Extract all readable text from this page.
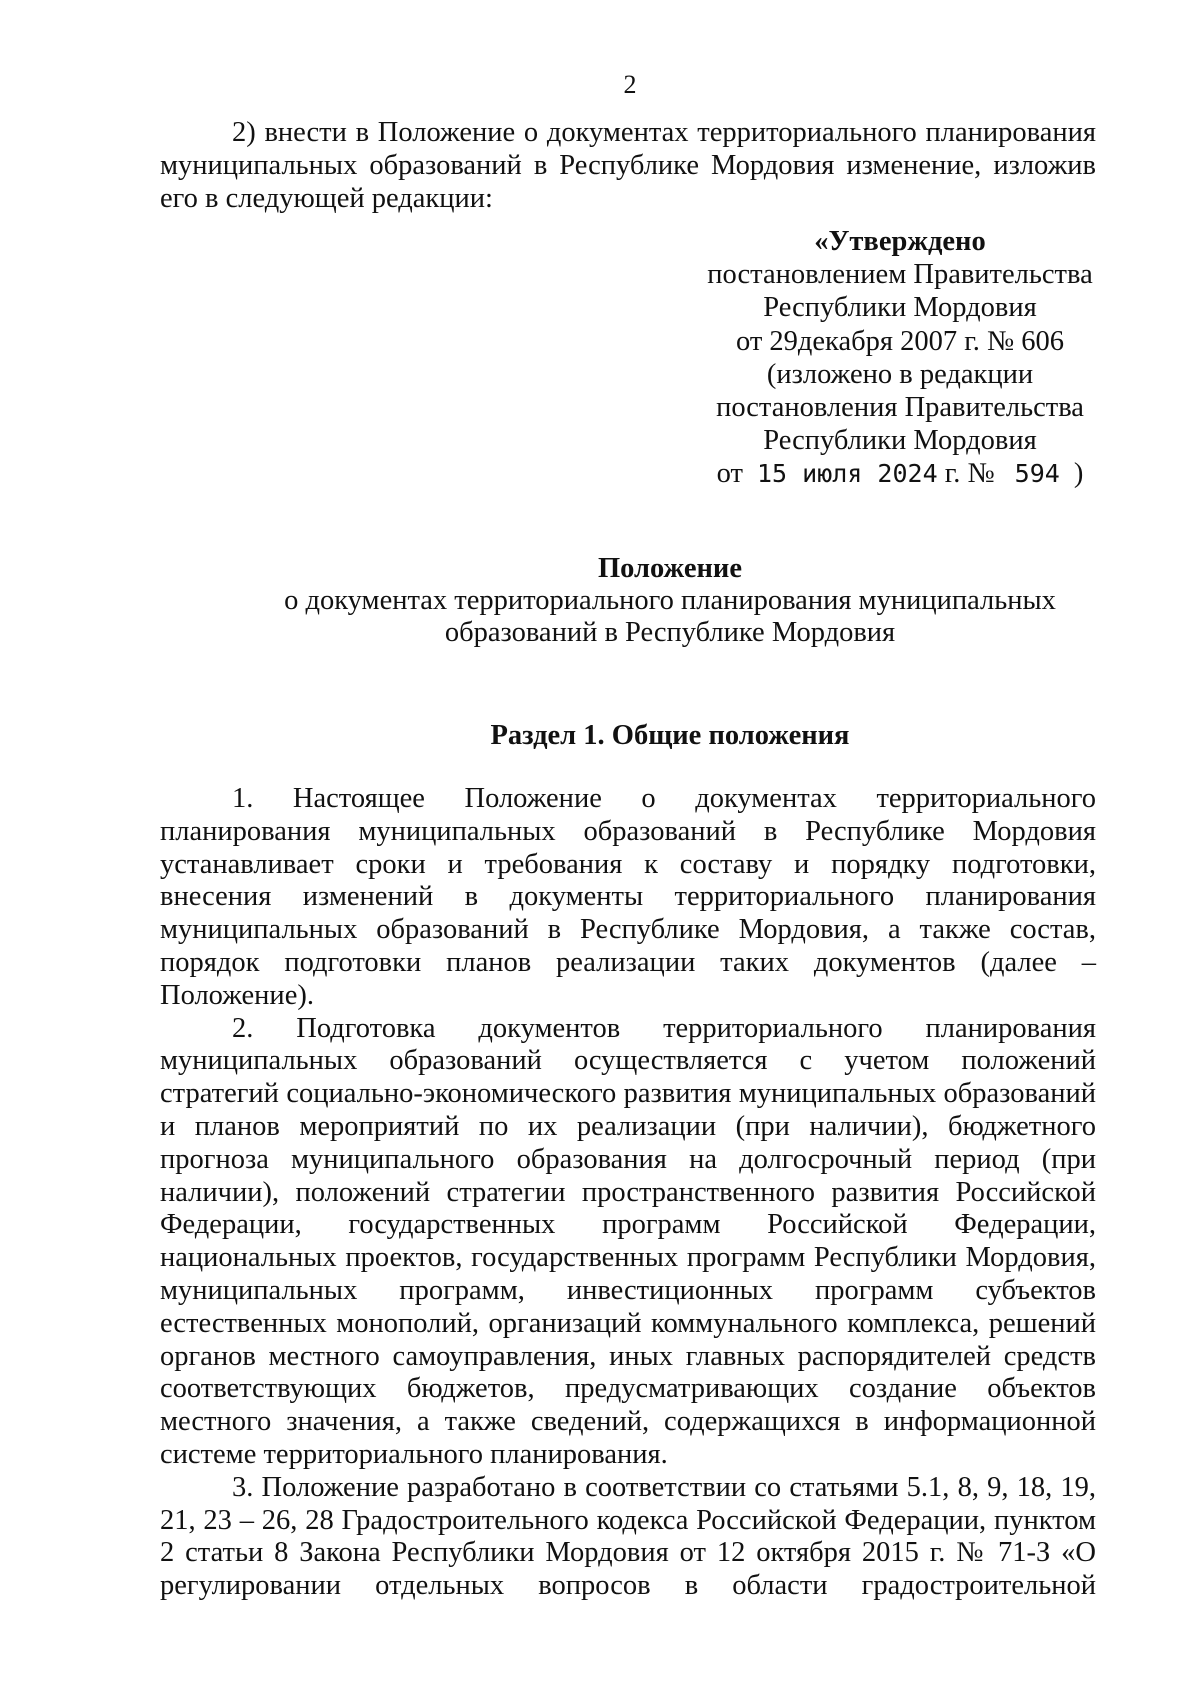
2

2) внести в Положение о документах территориального планирования муниципальных образований в Республике Мордовия изменение, изложив его в следующей редакции:

«Утверждено
постановлением Правительства
Республики Мордовия
от 29декабря 2007 г. № 606
(изложено в редакции
постановления Правительства
Республики Мордовия
от 15 июля 2024 г. № 594 )
Положение
о документах территориального планирования муниципальных
образований в Республике Мордовия
Раздел 1. Общие положения

1. Настоящее Положение о документах территориального планирования муниципальных образований в Республике Мордовия устанавливает сроки и требования к составу и порядку подготовки, внесения изменений в документы территориального планирования муниципальных образований в Республике Мордовия, а также состав, порядок подготовки планов реализации таких документов (далее – Положение).

2. Подготовка документов территориального планирования муниципальных образований осуществляется с учетом положений стратегий социально-экономического развития муниципальных образований и планов мероприятий по их реализации (при наличии), бюджетного прогноза муниципального образования на долгосрочный период (при наличии), положений стратегии пространственного развития Российской Федерации, государственных программ Российской Федерации, национальных проектов, государственных программ Республики Мордовия, муниципальных программ, инвестиционных программ субъектов естественных монополий, организаций коммунального комплекса, решений органов местного самоуправления, иных главных распорядителей средств соответствующих бюджетов, предусматривающих создание объектов местного значения, а также сведений, содержащихся в информационной системе территориального планирования.

3. Положение разработано в соответствии со статьями 5.1, 8, 9, 18, 19, 21, 23 – 26, 28 Градостроительного кодекса Российской Федерации, пунктом 2 статьи 8 Закона Республики Мордовия от 12 октября 2015 г. № 71-З «О регулировании отдельных вопросов в области градостроительной
